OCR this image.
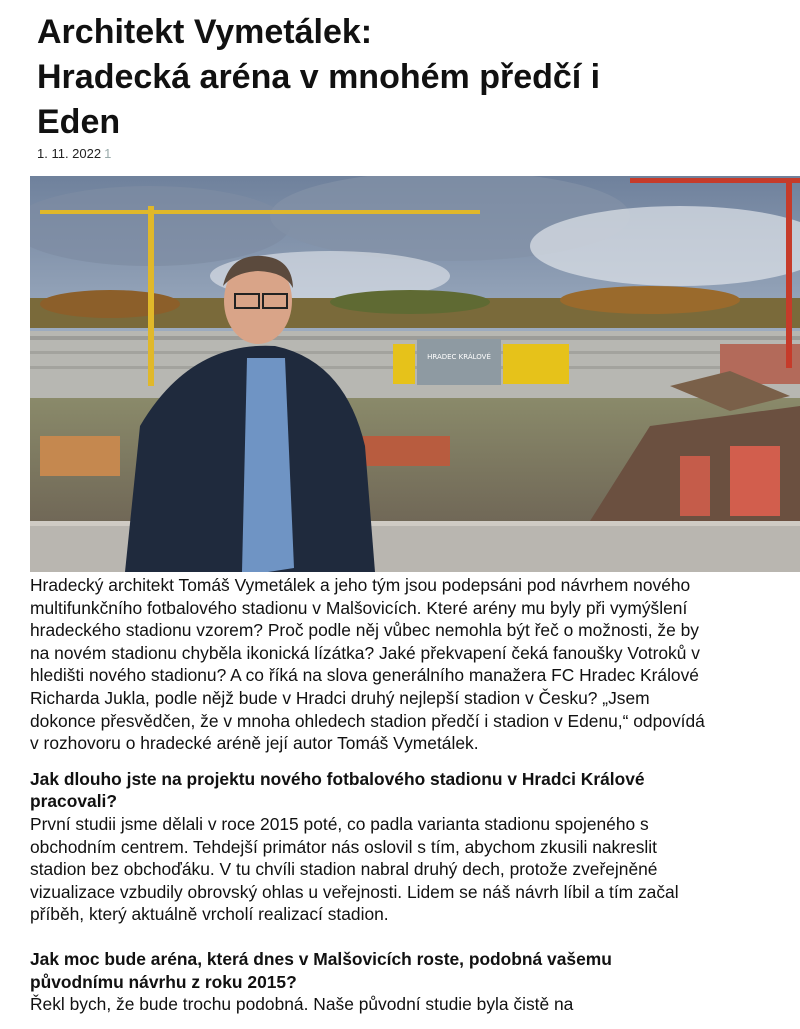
Architekt Vymetálek:
Hradecká aréna v mnohém předčí i
Eden
1. 11. 2022 1
HRADEC KRÁLOVÉ

Hradecký architekt Tomáš Vymetálek a jeho tým jsou podepsáni pod návrhem nového multifunkčního fotbalového stadionu v Malšovicích. Které arény mu byly při vymýšlení hradeckého stadionu vzorem? Proč podle něj vůbec nemohla být řeč o možnosti, že by na novém stadionu chyběla ikonická lízátka? Jaké překvapení čeká fanoušky Votroků v hledišti nového stadionu? A co říká na slova generálního manažera FC Hradec Králové Richarda Jukla, podle nějž bude v Hradci druhý nejlepší stadion v Česku? „Jsem dokonce přesvědčen, že v mnoha ohledech stadion předčí i stadion v Edenu,“ odpovídá v rozhovoru o hradecké aréně její autor Tomáš Vymetálek.

Jak dlouho jste na projektu nového fotbalového stadionu v Hradci Králové pracovali?

První studii jsme dělali v roce 2015 poté, co padla varianta stadionu spojeného s obchodním centrem. Tehdejší primátor nás oslovil s tím, abychom zkusili nakreslit stadion bez obchoďáku. V tu chvíli stadion nabral druhý dech, protože zveřejněné vizualizace vzbudily obrovský ohlas u veřejnosti. Lidem se náš návrh líbil a tím začal příběh, který aktuálně vrcholí realizací stadion.

Jak moc bude aréna, která dnes v Malšovicích roste, podobná vašemu původnímu návrhu z roku 2015?

Řekl bych, že bude trochu podobná. Naše původní studie byla čistě na
